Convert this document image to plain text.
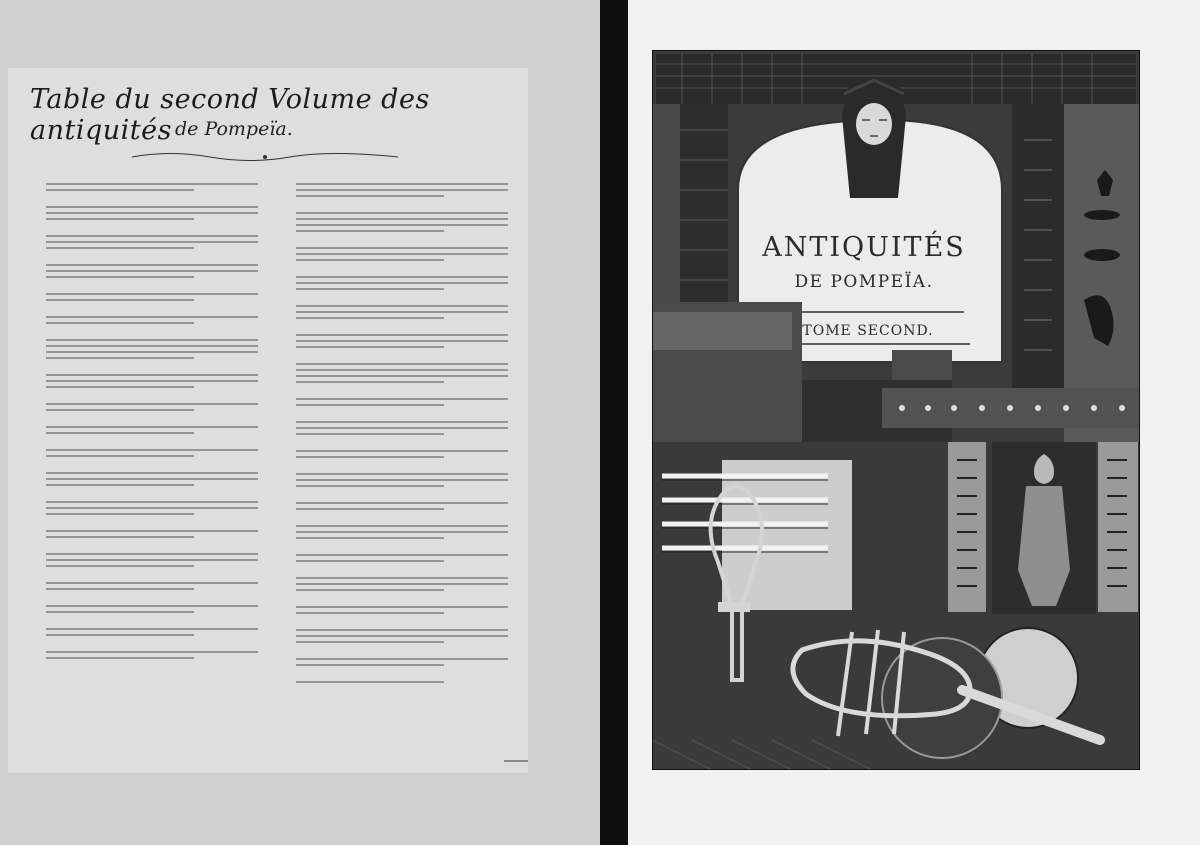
Table du second Volume des antiquités de Pompeïa.
ANTIQUITÉS
DE POMPEÏA.
TOME SECOND.
